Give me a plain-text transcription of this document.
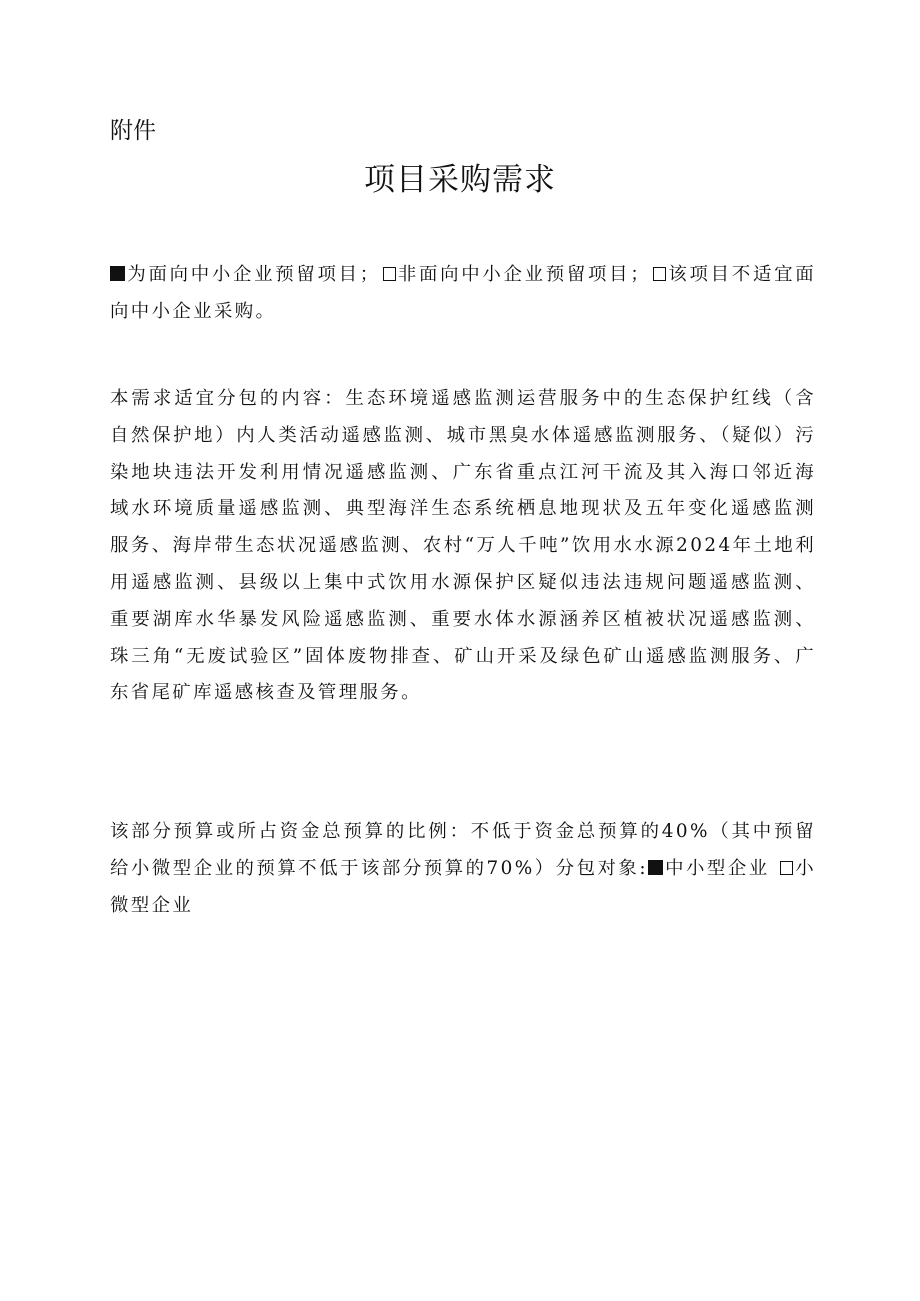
附件
项目采购需求

为面向中小企业预留项目； 非面向中小企业预留项目； 该项目不适宜面向中小企业采购。

本需求适宜分包的内容：生态环境遥感监测运营服务中的生态保护红线（含自然保护地）内人类活动遥感监测、城市黑臭水体遥感监测服务、（疑似）污染地块违法开发利用情况遥感监测、广东省重点江河干流及其入海口邻近海域水环境质量遥感监测、典型海洋生态系统栖息地现状及五年变化遥感监测服务、海岸带生态状况遥感监测、农村“万人千吨”饮用水水源2024年土地利用遥感监测、县级以上集中式饮用水源保护区疑似违法违规问题遥感监测、重要湖库水华暴发风险遥感监测、重要水体水源涵养区植被状况遥感监测、珠三角“无废试验区”固体废物排查、矿山开采及绿色矿山遥感监测服务、广东省尾矿库遥感核查及管理服务。

该部分预算或所占资金总预算的比例：不低于资金总预算的40%（其中预留给小微型企业的预算不低于该部分预算的70%）分包对象: 中小型企业 小微型企业
